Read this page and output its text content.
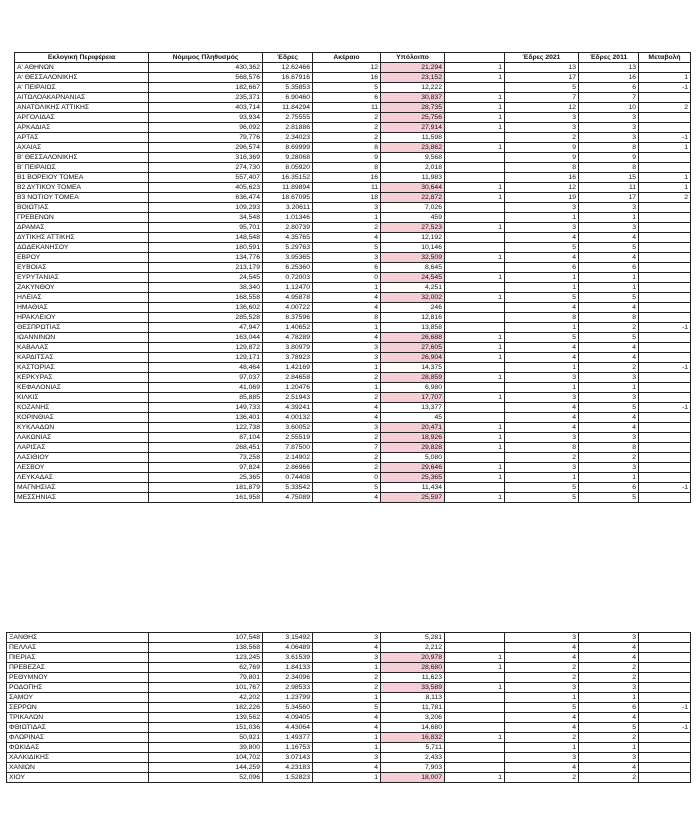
Εκλογική Περιφέρεια	Νόμιμος Πληθυσμός	Έδρες	Ακέραιο	Υπόλοιπο		Έδρες 2021	Έδρες 2011	Μεταβολή
Α' ΑΘΗΝΩΝ	430,362	12.62466	12	21,294	1	13	13	
Α' ΘΕΣΣΑΛΟΝΙΚΗΣ	568,576	16.67916	16	23,152	1	17	16	1
Α' ΠΕΙΡΑΙΩΣ	182,667	5.35853	5	12,222		5	6	-1
ΑΙΤΩΛΟΑΚΑΡΝΑΝΙΑΣ	235,371	6.90460	6	30,837	1	7	7	
ΑΝΑΤΟΛΙΚΗΣ ΑΤΤΙΚΗΣ	403,714	11.84294	11	28,735	1	12	10	2
ΑΡΓΟΛΙΔΑΣ	93,934	2.75555	2	25,756	1	3	3	
ΑΡΚΑΔΙΑΣ	96,092	2.81886	2	27,914	1	3	3	
ΑΡΤΑΣ	79,776	2.34023	2	11,598		2	3	-1
ΑΧΑΙΑΣ	296,574	8.69999	8	23,862	1	9	8	1
Β' ΘΕΣΣΑΛΟΝΙΚΗΣ	316,369	9.28068	9	9,568		9	9	
Β' ΠΕΙΡΑΙΩΣ	274,730	8.05920	8	2,018		8	8	
Β1 ΒΟΡΕΙΟΥ ΤΟΜΕΑ	557,407	16.35152	16	11,983		16	15	1
Β2 ΔΥΤΙΚΟΥ ΤΟΜΕΑ	405,623	11.89894	11	30,644	1	12	11	1
Β3 ΝΟΤΙΟΥ ΤΟΜΕΑ	636,474	18.67095	18	22,872	1	19	17	2
ΒΟΙΩΤΙΑΣ	109,293	3.20611	3	7,026		3	3	
ΓΡΕΒΕΝΩΝ	34,548	1.01346	1	459		1	1	
ΔΡΑΜΑΣ	95,701	2.80739	2	27,523	1	3	3	
ΔΥΤΙΚΗΣ ΑΤΤΙΚΗΣ	148,548	4.35765	4	12,192		4	4	
ΔΩΔΕΚΑΝΗΣΟΥ	180,591	5.29763	5	10,146		5	5	
ΕΒΡΟΥ	134,776	3.95365	3	32,509	1	4	4	
ΕΥΒΟΙΑΣ	213,179	6.25360	6	8,645		6	6	
ΕΥΡΥΤΑΝΙΑΣ	24,545	0.72003	0	24,545	1	1	1	
ΖΑΚΥΝΘΟΥ	38,340	1.12470	1	4,251		1	1	
ΗΛΕΙΑΣ	168,558	4.95878	4	32,002	1	5	5	
ΗΜΑΘΙΑΣ	136,602	4.00722	4	246		4	4	
ΗΡΑΚΛΕΙΟΥ	285,528	8.37596	8	12,816		8	8	
ΘΕΣΠΡΩΤΙΑΣ	47,947	1.40652	1	13,858		1	2	-1
ΙΩΑΝΝΙΝΩΝ	163,044	4.78289	4	26,688	1	5	5	
ΚΑΒΑΛΑΣ	129,872	3.80979	3	27,605	1	4	4	
ΚΑΡΔΙΤΣΑΣ	129,171	3.78923	3	26,904	1	4	4	
ΚΑΣΤΟΡΙΑΣ	48,464	1.42169	1	14,375		1	2	-1
ΚΕΡΚΥΡΑΣ	97,037	2.84658	2	28,859	1	3	3	
ΚΕΦΑΛΟΝΙΑΣ	41,069	1.20476	1	6,980		1	1	
ΚΙΛΚΙΣ	85,885	2.51943	2	17,707	1	3	3	
ΚΟΖΑΝΗΣ	149,733	4.39241	4	13,377		4	5	-1
ΚΟΡΙΝΘΙΑΣ	136,401	4.00132	4	45		4	4	
ΚΥΚΛΑΔΩΝ	122,738	3.60052	3	20,471	1	4	4	
ΛΑΚΩΝΙΑΣ	87,104	2.55519	2	18,926	1	3	3	
ΛΑΡΙΣΑΣ	268,451	7.87500	7	29,828	1	8	8	
ΛΑΣΙΘΙΟΥ	73,258	2.14902	2	5,080		2	2	
ΛΕΣΒΟΥ	97,824	2.86966	2	29,646	1	3	3	
ΛΕΥΚΑΔΑΣ	25,365	0.74408	0	25,365	1	1	1	
ΜΑΓΝΗΣΙΑΣ	181,879	5.33542	5	11,434		5	6	-1
ΜΕΣΣΗΝΙΑΣ	161,958	4.75089	4	25,597	1	5	5	
ΞΑΝΘΗΣ	107,548	3.15492	3	5,281		3	3	
ΠΕΛΛΑΣ	138,568	4.06489	4	2,212		4	4	
ΠΙΕΡΙΑΣ	123,245	3.61539	3	20,978	1	4	4	
ΠΡΕΒΕΖΑΣ	62,769	1.84133	1	28,680	1	2	2	
ΡΕΘΥΜΝΟΥ	79,801	2.34096	2	11,623		2	2	
ΡΟΔΟΠΗΣ	101,767	2.98533	2	33,589	1	3	3	
ΣΑΜΟΥ	42,202	1.23799	1	8,113		1	1	
ΣΕΡΡΩΝ	182,226	5.34560	5	11,781		5	6	-1
ΤΡΙΚΑΛΩΝ	139,562	4.09405	4	3,206		4	4	
ΦΘΙΩΤΙΔΑΣ	151,036	4.43064	4	14,680		4	5	-1
ΦΛΩΡΙΝΑΣ	50,921	1.49377	1	16,832	1	2	2	
ΦΩΚΙΔΑΣ	39,800	1.16753	1	5,711		1	1	
ΧΑΛΚΙΔΙΚΗΣ	104,702	3.07143	3	2,433		3	3	
ΧΑΝΙΩΝ	144,259	4.23183	4	7,903		4	4	
ΧΙΟΥ	52,096	1.52823	1	18,007	1	2	2	
